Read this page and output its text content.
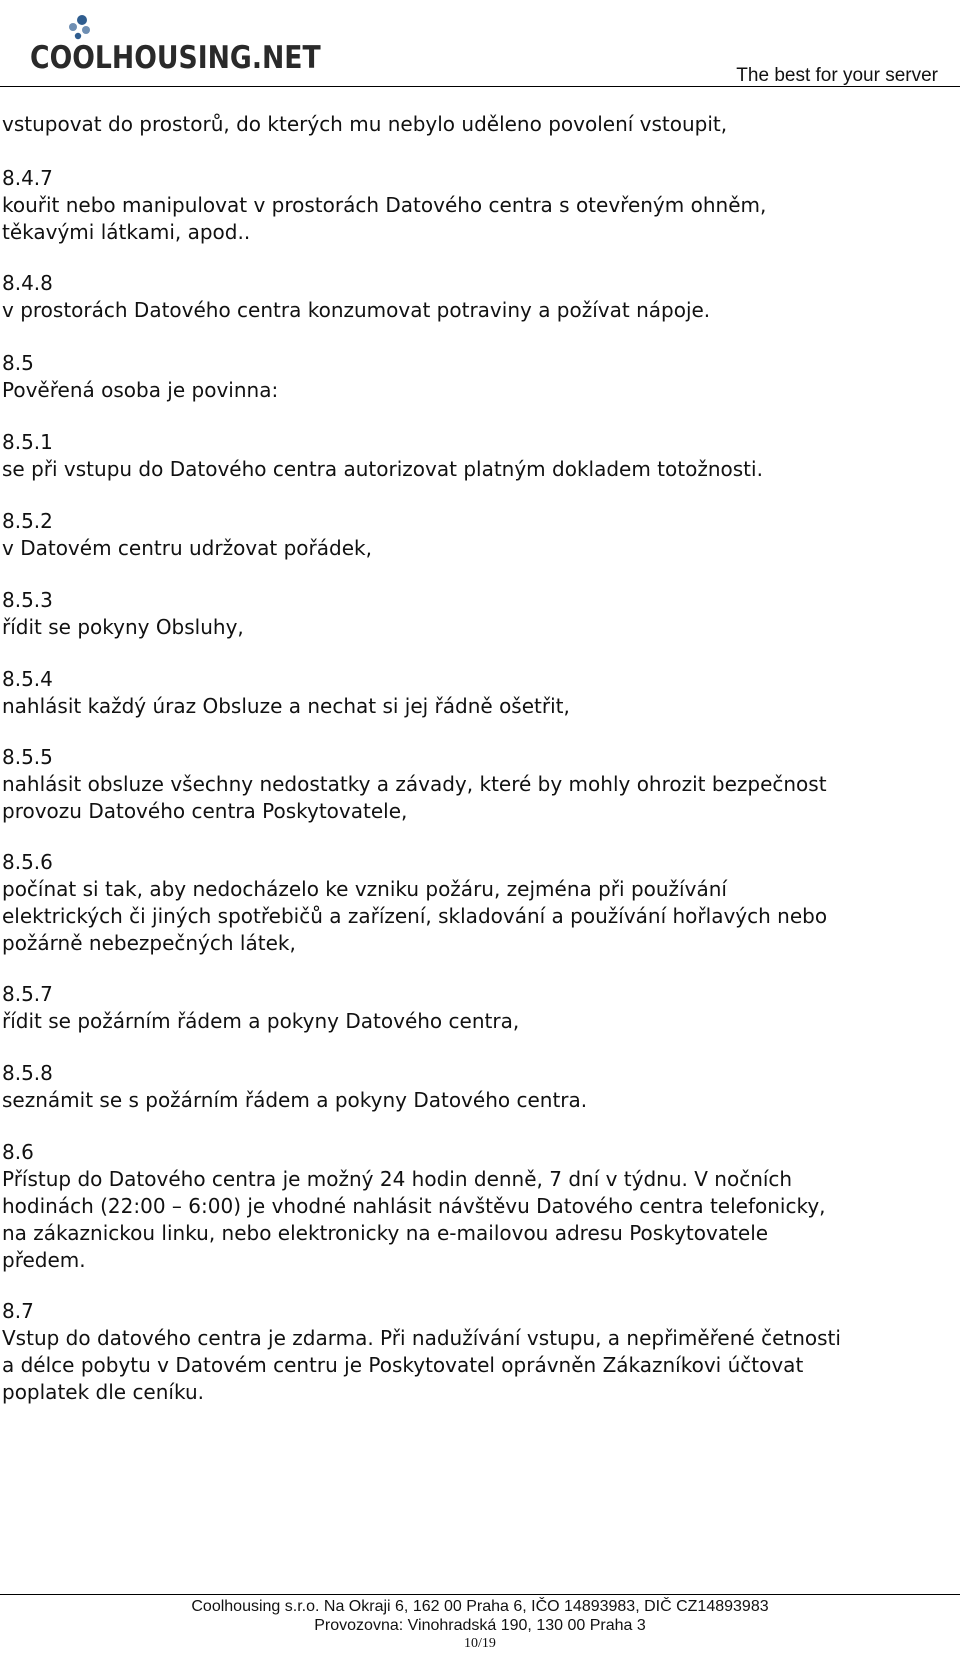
COOLHOUSING.NET	The best for your server
vstupovat do prostorů, do kterých mu nebylo uděleno povolení vstoupit,
8.4.7
kouřit nebo manipulovat v prostorách Datového centra s otevřeným ohněm,
těkavými látkami, apod..
8.4.8
v prostorách Datového centra konzumovat potraviny a požívat nápoje.
8.5
Pověřená osoba je povinna:
8.5.1
se při vstupu do Datového centra autorizovat platným dokladem totožnosti.
8.5.2
v Datovém centru udržovat pořádek,
8.5.3
řídit se pokyny Obsluhy,
8.5.4
nahlásit každý úraz Obsluze a nechat si jej řádně ošetřit,
8.5.5
nahlásit obsluze všechny nedostatky a závady, které by mohly ohrozit bezpečnost
provozu Datového centra Poskytovatele,
8.5.6
počínat si tak, aby nedocházelo ke vzniku požáru, zejména při používání
elektrických či jiných spotřebičů a zařízení, skladování a používání hořlavých nebo
požárně nebezpečných látek,
8.5.7
řídit se požárním řádem a pokyny Datového centra,
8.5.8
seznámit se s požárním řádem a pokyny Datového centra.
8.6
Přístup do Datového centra je možný 24 hodin denně, 7 dní v týdnu. V nočních
hodinách (22:00 – 6:00) je vhodné nahlásit návštěvu Datového centra telefonicky,
na zákaznickou linku, nebo elektronicky na e-mailovou adresu Poskytovatele
předem.
8.7
Vstup do datového centra je zdarma. Při nadužívání vstupu, a nepřiměřené četnosti
a délce pobytu v Datovém centru je Poskytovatel oprávněn Zákazníkovi účtovat
poplatek dle ceníku.
Coolhousing s.r.o. Na Okraji 6, 162 00 Praha 6, IČO 14893983, DIČ CZ14893983
Provozovna: Vinohradská 190, 130 00 Praha 3
10/19
